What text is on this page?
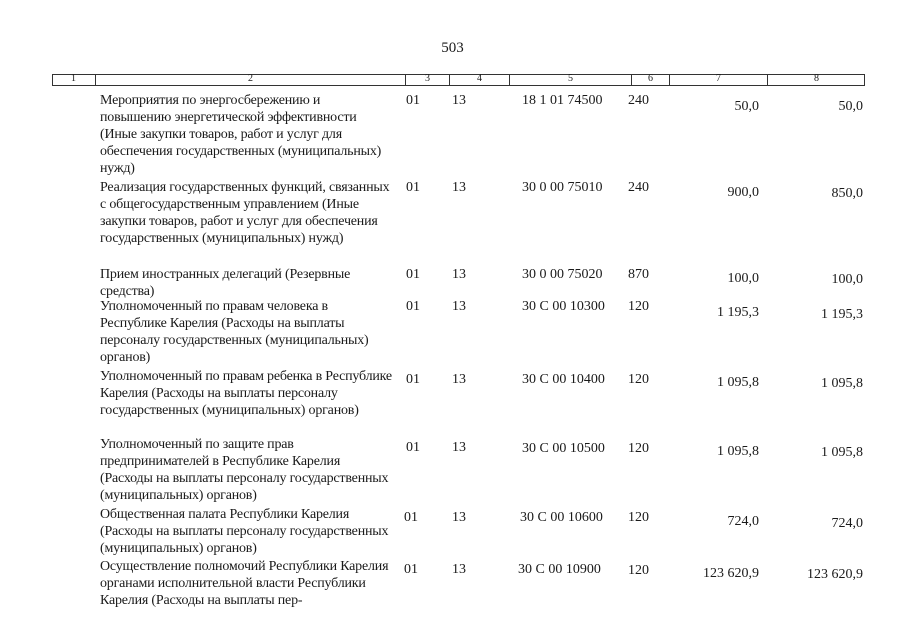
503
1	2	3	4	5	6	7	8
Мероприятия по энергосбережению и повышению энергетической эффективности (Иные закупки товаров, работ и услуг для обеспечения государственных (муниципальных) нужд)
01 13	18 1 01 74500 240	50,0	50,0
Реализация государственных функций, связанных с общегосударственным управлением (Иные закупки товаров, работ и услуг для обеспечения государственных (муниципальных) нужд)
01 13	30 0 00 75010 240	900,0	850,0
Прием иностранных делегаций (Резервные средства)
01 13	30 0 00 75020 870	100,0	100,0
Уполномоченный по правам человека в Республике Карелия (Расходы на выплаты персоналу государственных (муниципальных) органов)
01 13	30 С 00 10300 120	1 195,3	1 195,3
Уполномоченный по правам ребенка в Республике Карелия (Расходы на выплаты персоналу государственных (муниципальных) органов)
01 13	30 С 00 10400 120	1 095,8	1 095,8
Уполномоченный по защите прав предпринимателей в Республике Карелия (Расходы на выплаты персоналу государственных (муниципальных) органов)
01 13	30 С 00 10500 120	1 095,8	1 095,8
Общественная палата Республики Карелия (Расходы на выплаты персоналу государственных (муниципальных) органов)
01 13	30 С 00 10600 120	724,0	724,0
Осуществление полномочий Республики Карелия органами исполнительной власти Республики Карелия (Расходы на выплаты пер-
01 13	30 С 00 10900 120	123 620,9	123 620,9
